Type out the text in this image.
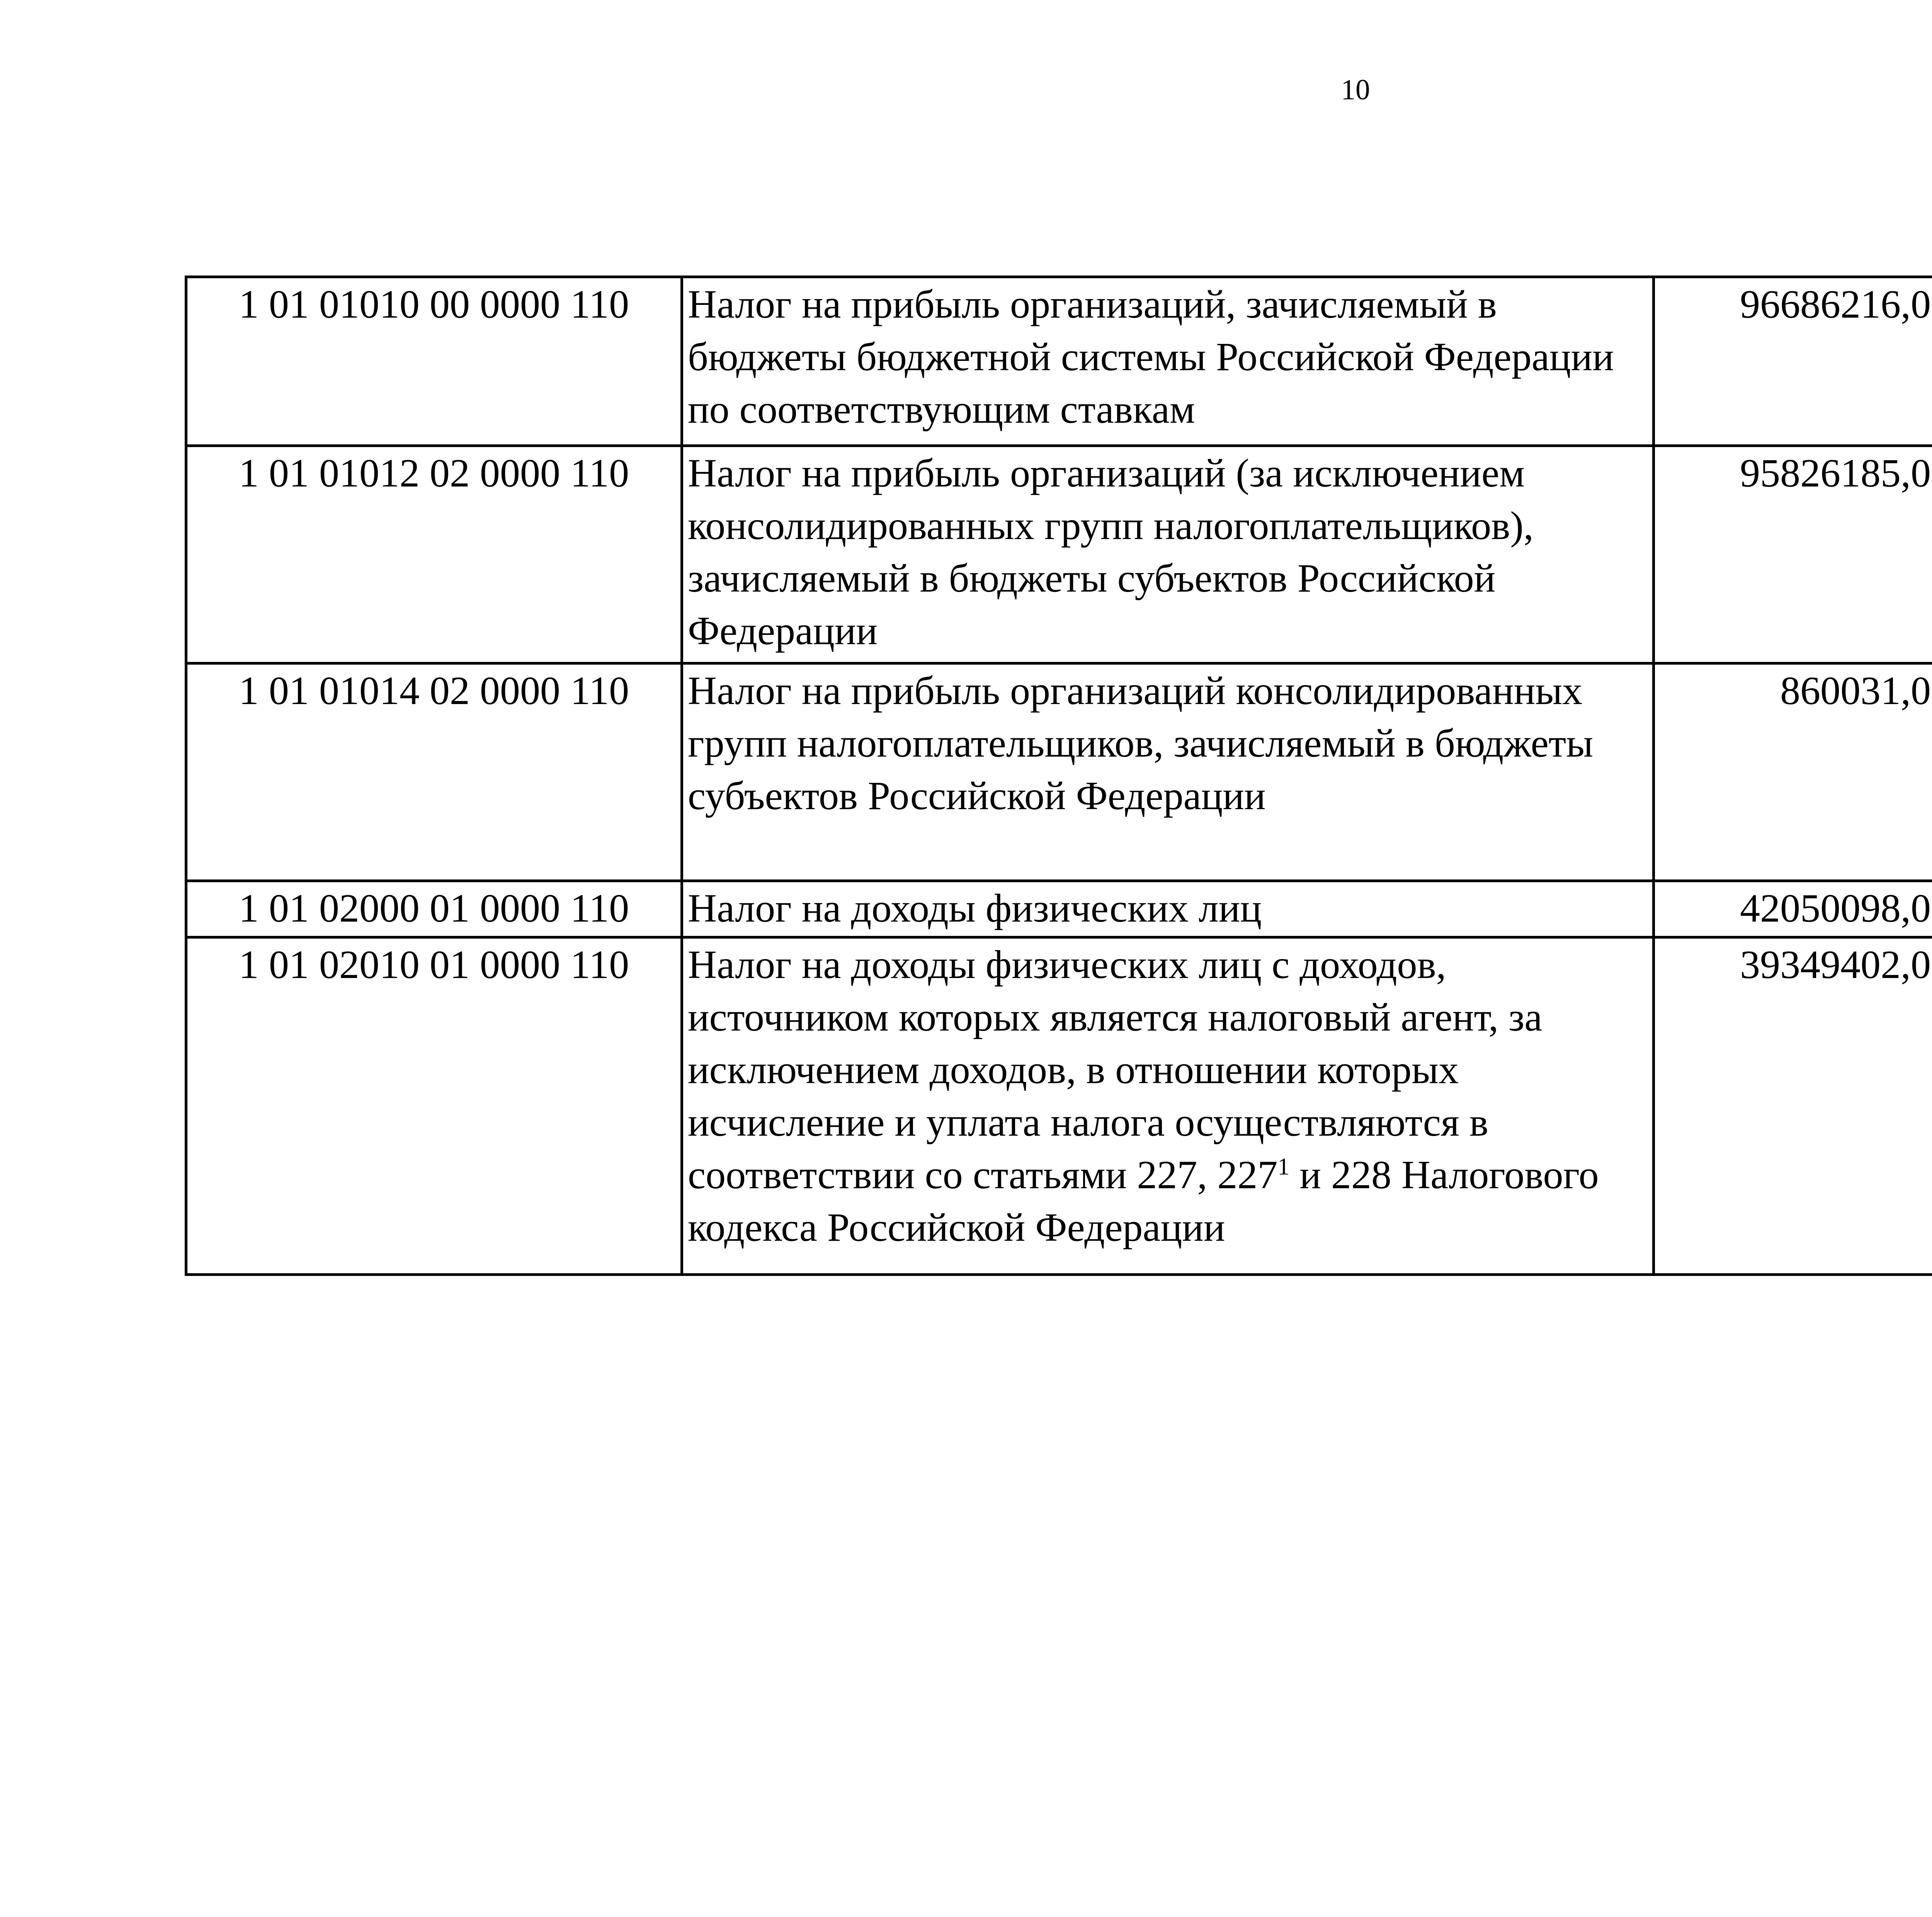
10
1 01 01010 00 0000 110	Налог на прибыль организаций, зачисляемый в бюджеты бюджетной системы Российской Федерации по соответствующим ставкам	96686216,0		
1 01 01012 02 0000 110	Налог на прибыль организаций (за исключением консолидированных групп налогоплательщиков), зачисляемый в бюджеты субъектов Российской Федерации	95826185,0		
1 01 01014 02 0000 110	Налог на прибыль организаций консолидированных групп налогоплательщиков, зачисляемый в бюджеты субъектов Российской Федерации	860031,0		
1 01 02000 01 0000 110	Налог на доходы физических лиц	42050098,0		
1 01 02010 01 0000 110	Налог на доходы физических лиц с доходов, источником которых является налоговый агент, за исключением доходов, в отношении которых исчисление и уплата налога осуществляются в соответствии со статьями 227, $227^1$ и 228 Налогового кодекса Российской Федерации	39349402,0		
